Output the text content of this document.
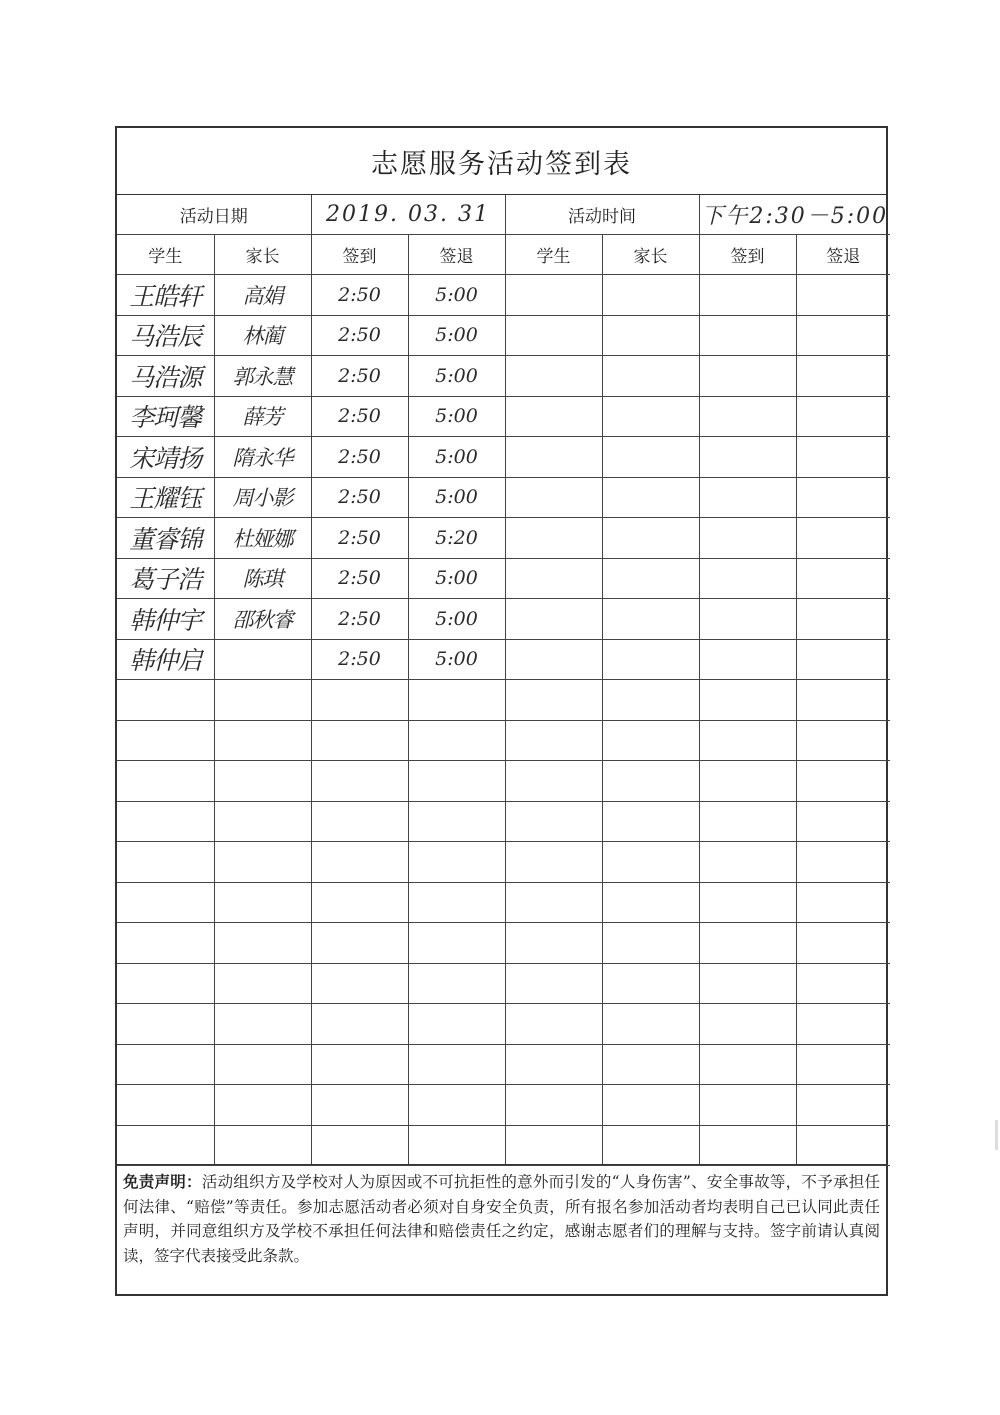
志愿服务活动签到表
活动日期		2019. 03. 31		活动时间		下午2:30－5:00	
学生	家长	签到	签退	学生	家长	签到	签退
王皓轩	高娟	2:50	5:00				
马浩辰	林蔺	2:50	5:00				
马浩源	郭永慧	2:50	5:00				
李珂馨	薛芳	2:50	5:00				
宋靖扬	隋永华	2:50	5:00				
王耀钰	周小影	2:50	5:00				
董睿锦	杜娅娜	2:50	5:20				
葛子浩	陈琪	2:50	5:00				
韩仲宇	邵秋睿	2:50	5:00				
韩仲启		2:50	5:00				

免责声明：活动组织方及学校对人为原因或不可抗拒性的意外而引发的“人身伤害”、安全事故等，不予承担任何法律、“赔偿”等责任。参加志愿活动者必须对自身安全负责，所有报名参加活动者均表明自己已认同此责任声明，并同意组织方及学校不承担任何法律和赔偿责任之约定，感谢志愿者们的理解与支持。签字前请认真阅读，签字代表接受此条款。
